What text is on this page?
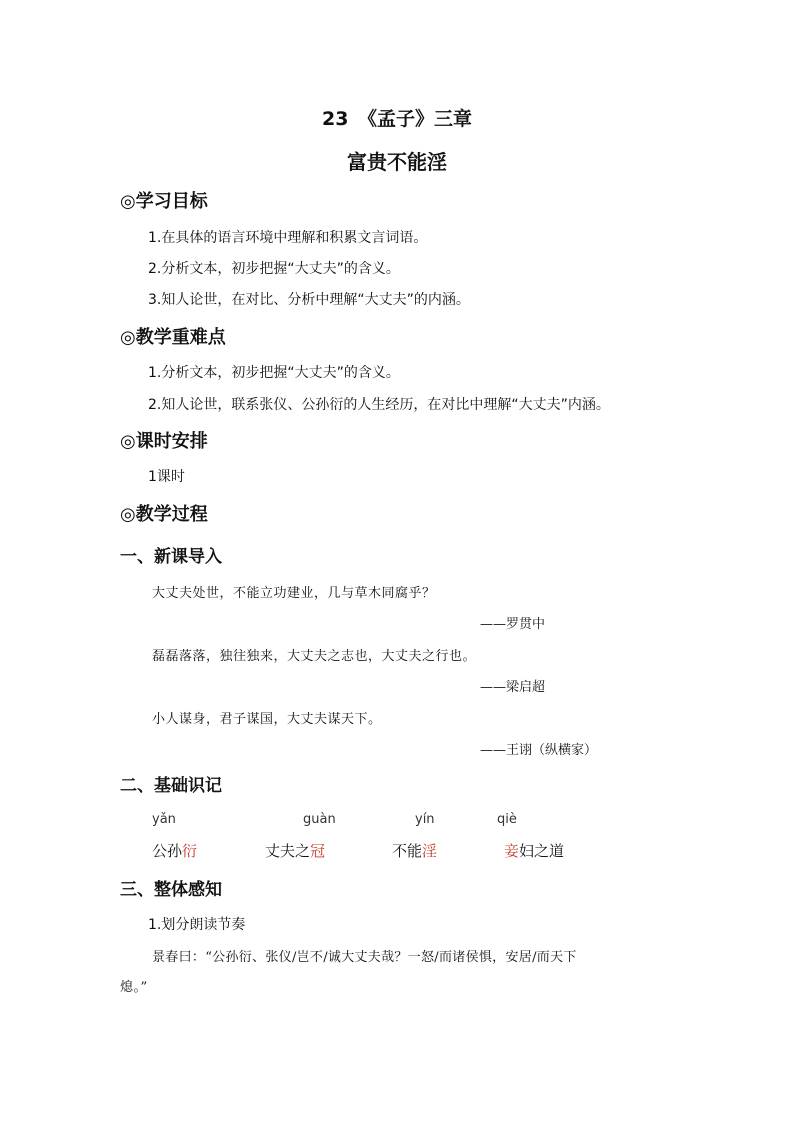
23　《孟子》三章
富贵不能淫
◎学习目标
1.在具体的语言环境中理解和积累文言词语。
2.分析文本，初步把握“大丈夫”的含义。
3.知人论世，在对比、分析中理解“大丈夫”的内涵。
◎教学重难点
1.分析文本，初步把握“大丈夫”的含义。
2.知人论世，联系张仪、公孙衍的人生经历，在对比中理解“大丈夫”内涵。
◎课时安排
1课时
◎教学过程
一、新课导入
大丈夫处世，不能立功建业，几与草木同腐乎？
——罗贯中
磊磊落落，独往独来，大丈夫之志也，大丈夫之行也。
——梁启超
小人谋身，君子谋国，大丈夫谋天下。
——王诩（纵横家）
二、基础识记
yǎn	guàn	yín	qiè
公孙衍	丈夫之冠	不能淫	妾妇之道
三、整体感知
1.划分朗读节奏
景春曰：“公孙衍、张仪/岂不/诚大丈夫哉？一怒/而诸侯惧，安居/而天下
熄。”
